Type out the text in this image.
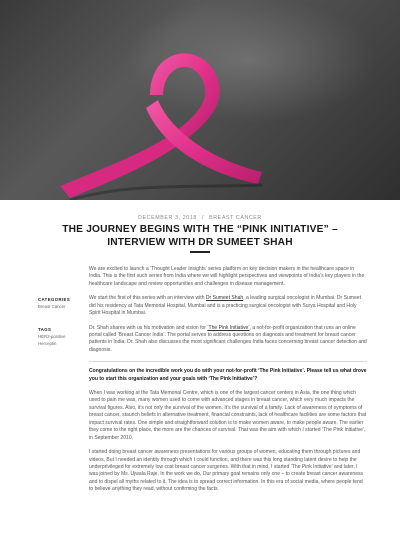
DECEMBER 3, 2018 / BREAST CANCER
THE JOURNEY BEGINS WITH THE “PINK INITIATIVE” – INTERVIEW WITH DR SUMEET SHAH
CATEGORIES
Breast Cancer
TAGS
HER2-positive
Herceptin

We are excited to launch a ‘Thought Leader Insights’ series platform on key decision makers in the healthcare space in India. This is the first such series from India where we will highlight perspectives and viewpoints of India’s key players in the healthcare landscape and review opportunities and challenges in disease management.

We start the first of this series with an interview with Dr Sumeet Shah, a leading surgical oncologist in Mumbai. Dr Sumeet did his residency at Tata Memorial Hospital, Mumbai and is a practicing surgical oncologist with Surya Hospital and Holy Spirit Hospital in Mumbai.

Dr. Shah shares with us his motivation and vision for ‘The Pink Initiative’, a not-for-profit organization that runs an online portal called ‘Breast Cancer India’. The portal serves to address questions on diagnosis and treatment for breast cancer patients in India. Dr. Shah also discusses the most significant challenges India faces concerning breast cancer detection and diagnosis.

Congratulations on the incredible work you do with your not-for-profit ‘The Pink Initiative’. Please tell us what drove you to start this organization and your goals with ‘The Pink Initiative’?

When I was working at the Tata Memorial Centre, which is one of the largest cancer centers in Asia, the one thing which used to pain me was, many women used to come with advanced stages in breast cancer, which very much impacts the survival figures. Also, it’s not only the survival of the women. It’s the survival of a family. Lack of awareness of symptoms of breast cancer, staunch beliefs in alternative treatment, financial constraints, lack of healthcare facilities are some factors that impact survival rates. One simple and straightforward solution is to make women aware, to make people aware. The earlier they come to the right place, the more are the chances of survival. That was the aim with which I started ‘The Pink Initiative’, in September 2010.

I started doing breast cancer awareness presentations for various groups of women, educating them through pictures and videos. But I needed an identity through which I could function, and there was this long standing latent desire to help the underprivileged for extremely low cost breast cancer surgeries. With that in mind, I started ‘The Pink Initiative’ and later, I was joined by Ms. Ujwala Raje. In the work we do, Our primary goal remains only one – to create breast cancer awareness and to dispel all myths related to it. The idea is to spread correct information. In this era of social media, where people tend to believe anything they read, without confirming the facts.
